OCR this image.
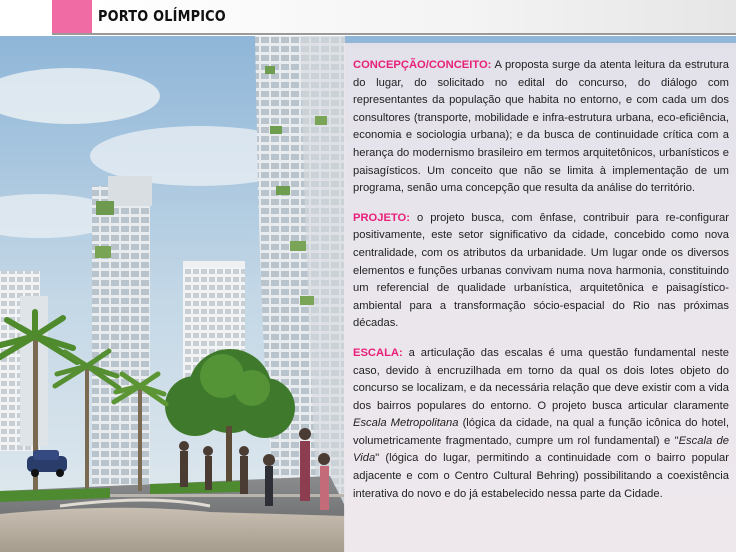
PORTO OLÍMPICO

CONCEPÇÃO/CONCEITO: A proposta surge da atenta leitura da estrutura do lugar, do solicitado no edital do concurso, do diálogo com representantes da população que habita no entorno, e com cada um dos consultores (transporte, mobilidade e infra-estrutura urbana, eco-eficiência, economia e sociologia urbana); e da busca de continuidade crítica com a herança do modernismo brasileiro em termos arquitetônicos, urbanísticos e paisagísticos. Um conceito que não se limita à implementação de um programa, senão uma concepção que resulta da análise do território.

PROJETO: o projeto busca, com ênfase, contribuir para re-configurar positivamente, este setor significativo da cidade, concebido como nova centralidade, com os atributos da urbanidade. Um lugar onde os diversos elementos e funções urbanas convivam numa nova harmonia, constituindo um referencial de qualidade urbanística, arquitetônica e paisagístico-ambiental para a transformação sócio-espacial do Rio nas próximas décadas.

ESCALA: a articulação das escalas é uma questão fundamental neste caso, devido à encruzilhada em torno da qual os dois lotes objeto do concurso se localizam, e da necessária relação que deve existir com a vida dos bairros populares do entorno. O projeto busca articular claramente Escala Metropolitana (lógica da cidade, na qual a função icônica do hotel, volumetricamente fragmentado, cumpre um rol fundamental) e "Escala de Vida" (lógica do lugar, permitindo a continuidade com o bairro popular adjacente e com o Centro Cultural Behring) possibilitando a coexistência interativa do novo e do já estabelecido nessa parte da Cidade.
